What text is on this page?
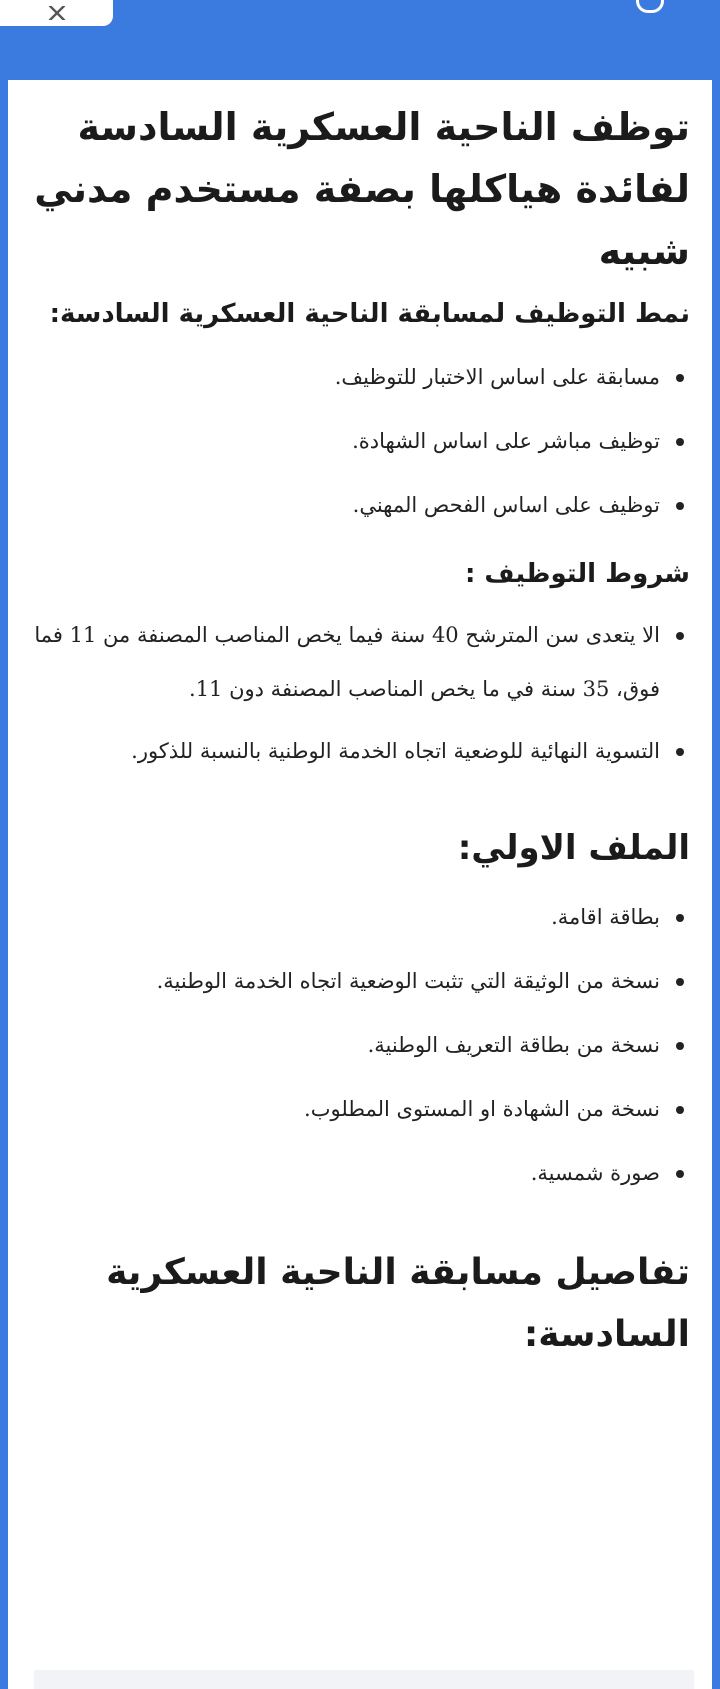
توظف الناحية العسكرية السادسة
لفائدة هياكلها بصفة مستخدم مدني شبيه
نمط التوظيف لمسابقة الناحية العسكرية السادسة:
مسابقة على اساس الاختبار للتوظيف.
توظيف مباشر على اساس الشهادة.
توظيف على اساس الفحص المهني.
شروط التوظيف :
الا يتعدى سن المترشح 40 سنة فيما يخص المناصب المصنفة من 11 فما فوق، 35 سنة في ما يخص المناصب المصنفة دون 11.
التسوية النهائية للوضعية اتجاه الخدمة الوطنية بالنسبة للذكور.
الملف الاولي:
بطاقة اقامة.
نسخة من الوثيقة التي تثبت الوضعية اتجاه الخدمة الوطنية.
نسخة من بطاقة التعريف الوطنية.
نسخة من الشهادة او المستوى المطلوب.
صورة شمسية.
تفاصيل مسابقة الناحية العسكرية السادسة:
